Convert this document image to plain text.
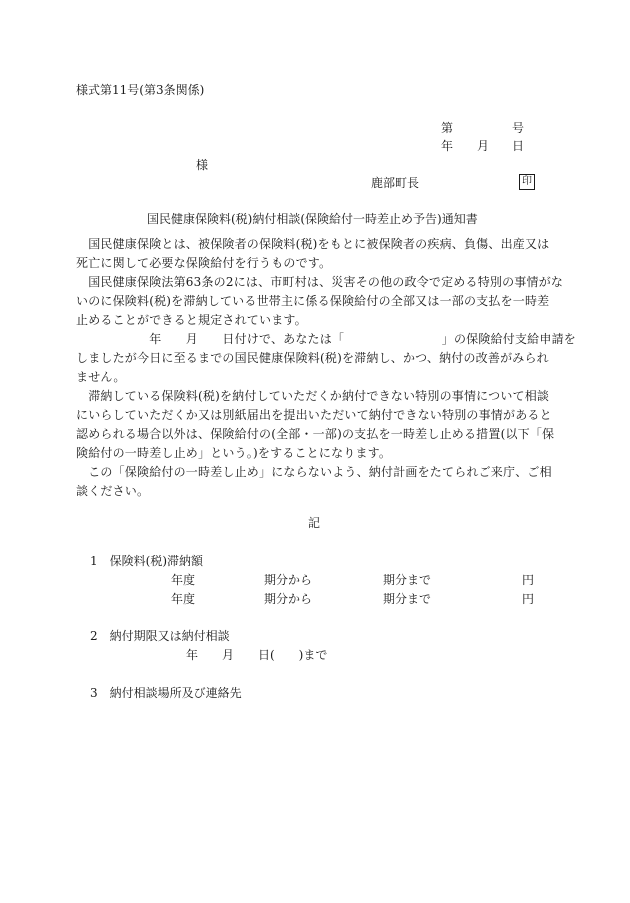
様式第11号(第3条関係)
第	号
年 月 日
様
鹿部町長	印
国民健康保険料(税)納付相談(保険給付一時差止め予告)通知書
　国民健康保険とは、被保険者の保険料(税)をもとに被保険者の疾病、負傷、出産又は
死亡に関して必要な保険給付を行うものです。
　国民健康保険法第63条の2には、市町村は、災害その他の政令で定める特別の事情がな
いのに保険料(税)を滞納している世帯主に係る保険給付の全部又は一部の支払を一時差
止めることができると規定されています。
　　　　　　年　　月　　日付けで、あなたは「　　　　　　　　」の保険給付支給申請を
しましたが今日に至るまでの国民健康保険料(税)を滞納し、かつ、納付の改善がみられ
ません。
　滞納している保険料(税)を納付していただくか納付できない特別の事情について相談
にいらしていただくか又は別紙届出を提出いただいて納付できない特別の事情があると
認められる場合以外は、保険給付の(全部・一部)の支払を一時差し止める措置(以下「保
険給付の一時差し止め」という。)をすることになります。
　この「保険給付の一時差し止め」にならないよう、納付計画をたてられご来庁、ご相
談ください。
記
1　保険料(税)滞納額
年度	期分から	期分まで	円
年度	期分から	期分まで	円
2　納付期限又は納付相談
年　　月　　日(　　)まで
3　納付相談場所及び連絡先
